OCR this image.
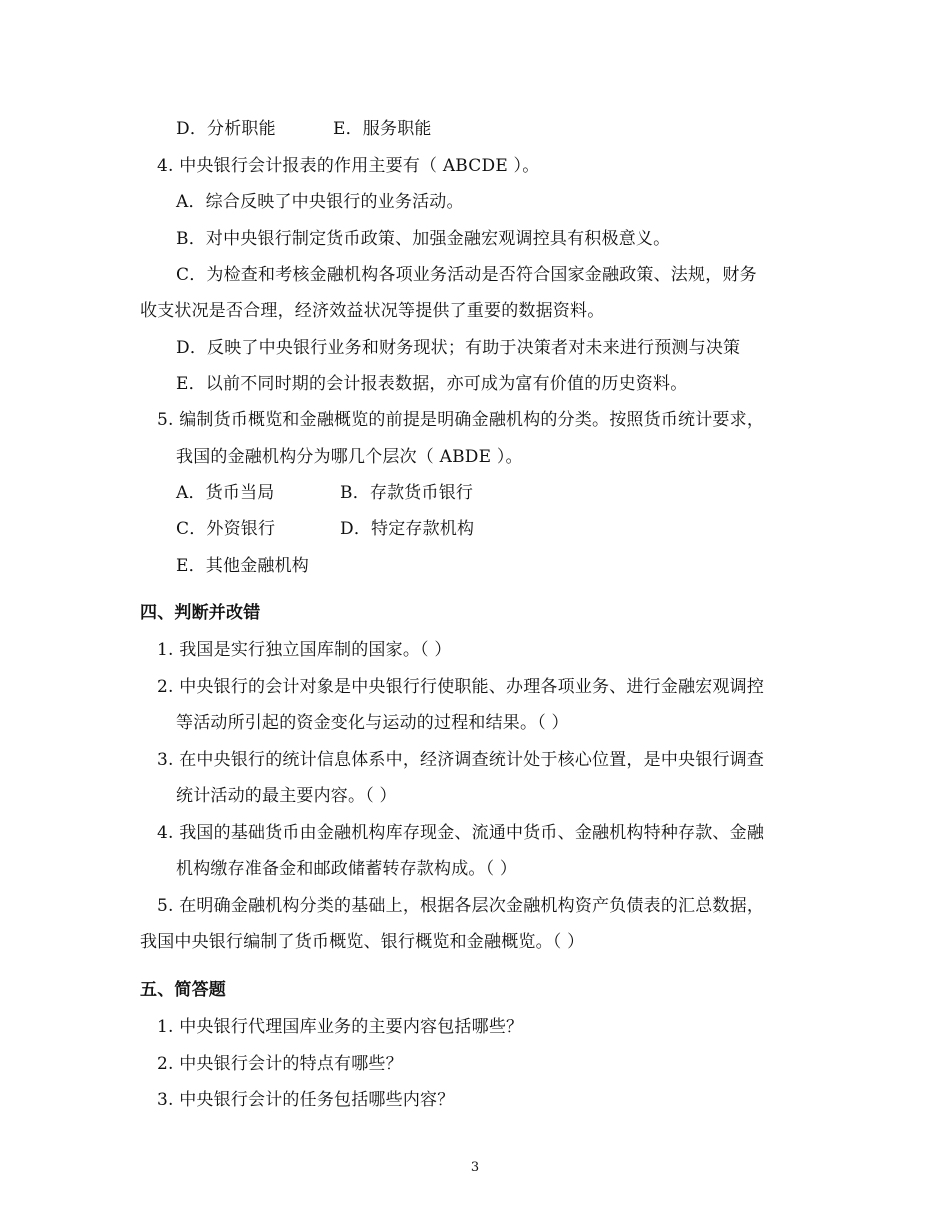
D．分析职能	E．服务职能
4. 中央银行会计报表的作用主要有（ ABCDE ）。
A．综合反映了中央银行的业务活动。
B．对中央银行制定货币政策、加强金融宏观调控具有积极意义。
C．为检查和考核金融机构各项业务活动是否符合国家金融政策、法规，财务
收支状况是否合理，经济效益状况等提供了重要的数据资料。
D．反映了中央银行业务和财务现状；有助于决策者对未来进行预测与决策
E．以前不同时期的会计报表数据，亦可成为富有价值的历史资料。
5. 编制货币概览和金融概览的前提是明确金融机构的分类。按照货币统计要求，
我国的金融机构分为哪几个层次（ ABDE ）。
A．货币当局	B．存款货币银行
C．外资银行	D．特定存款机构
E．其他金融机构
四、判断并改错
1. 我国是实行独立国库制的国家。（ ）
2. 中央银行的会计对象是中央银行行使职能、办理各项业务、进行金融宏观调控
等活动所引起的资金变化与运动的过程和结果。（ ）
3. 在中央银行的统计信息体系中，经济调查统计处于核心位置，是中央银行调查
统计活动的最主要内容。（ ）
4. 我国的基础货币由金融机构库存现金、流通中货币、金融机构特种存款、金融
机构缴存准备金和邮政储蓄转存款构成。（ ）
5. 在明确金融机构分类的基础上，根据各层次金融机构资产负债表的汇总数据，
我国中央银行编制了货币概览、银行概览和金融概览。（ ）
五、简答题
1. 中央银行代理国库业务的主要内容包括哪些？
2. 中央银行会计的特点有哪些？
3. 中央银行会计的任务包括哪些内容？
3
